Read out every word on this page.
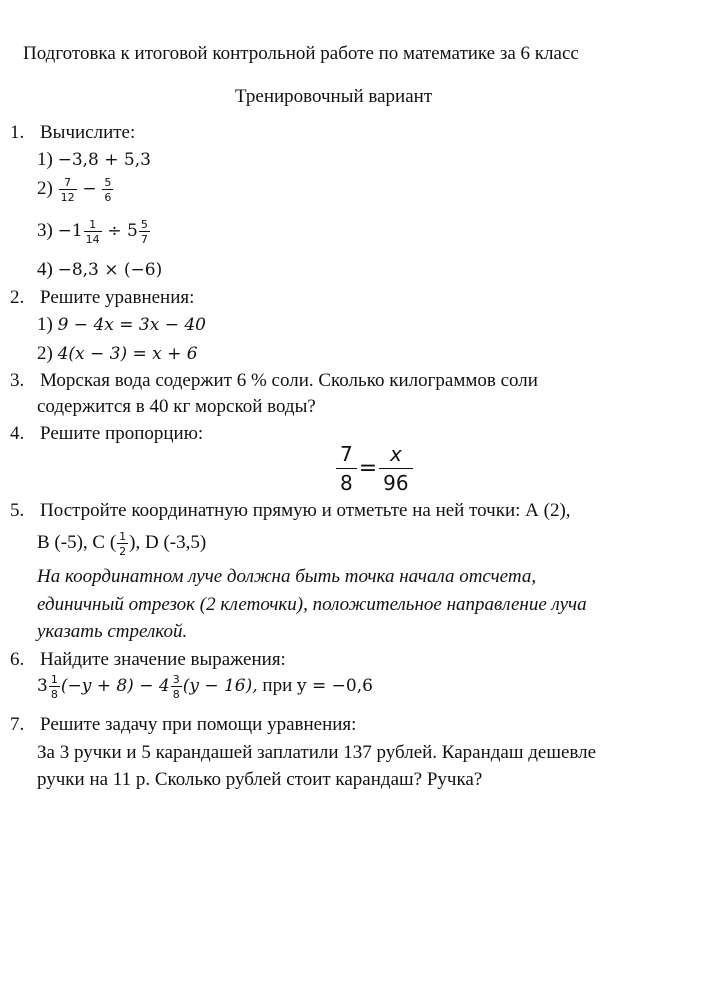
Подготовка к итоговой контрольной работе по математике за 6 класс
Тренировочный вариант
1. Вычислите:
1) −3,8 + 5,3
$2) \frac{7}{12} - \frac{5}{6}$
$3) -1 \frac{1}{14} \div 5 \frac{5}{7}$
4) −8,3 × (−6)
2. Решите уравнения:
1) 9 − 4x = 3x − 40
2) 4(x − 3) = x + 6
3. Морская вода содержит 6 % соли. Сколько килограммов соли
содержится в 40 кг морской воды?
4. Решите пропорцию:
$\frac{7}{8} = \frac{x}{96}$
5. Постройте координатную прямую и отметьте на ней точки: А (2),
В (-5), С ( $\frac{1}{2}$ ), D (-3,5)
На координатном луче должна быть точка начала отсчета,
единичный отрезок (2 клеточки), положительное направление луча
указать стрелкой.
6. Найдите значение выражения:
$3 \frac{1}{8} (-y + 8) - 4 \frac{3}{8} (y - 16)$, при y = −0,6
7. Решите задачу при помощи уравнения:
За 3 ручки и 5 карандашей заплатили 137 рублей. Карандаш дешевле
ручки на 11 р. Сколько рублей стоит карандаш? Ручка?
